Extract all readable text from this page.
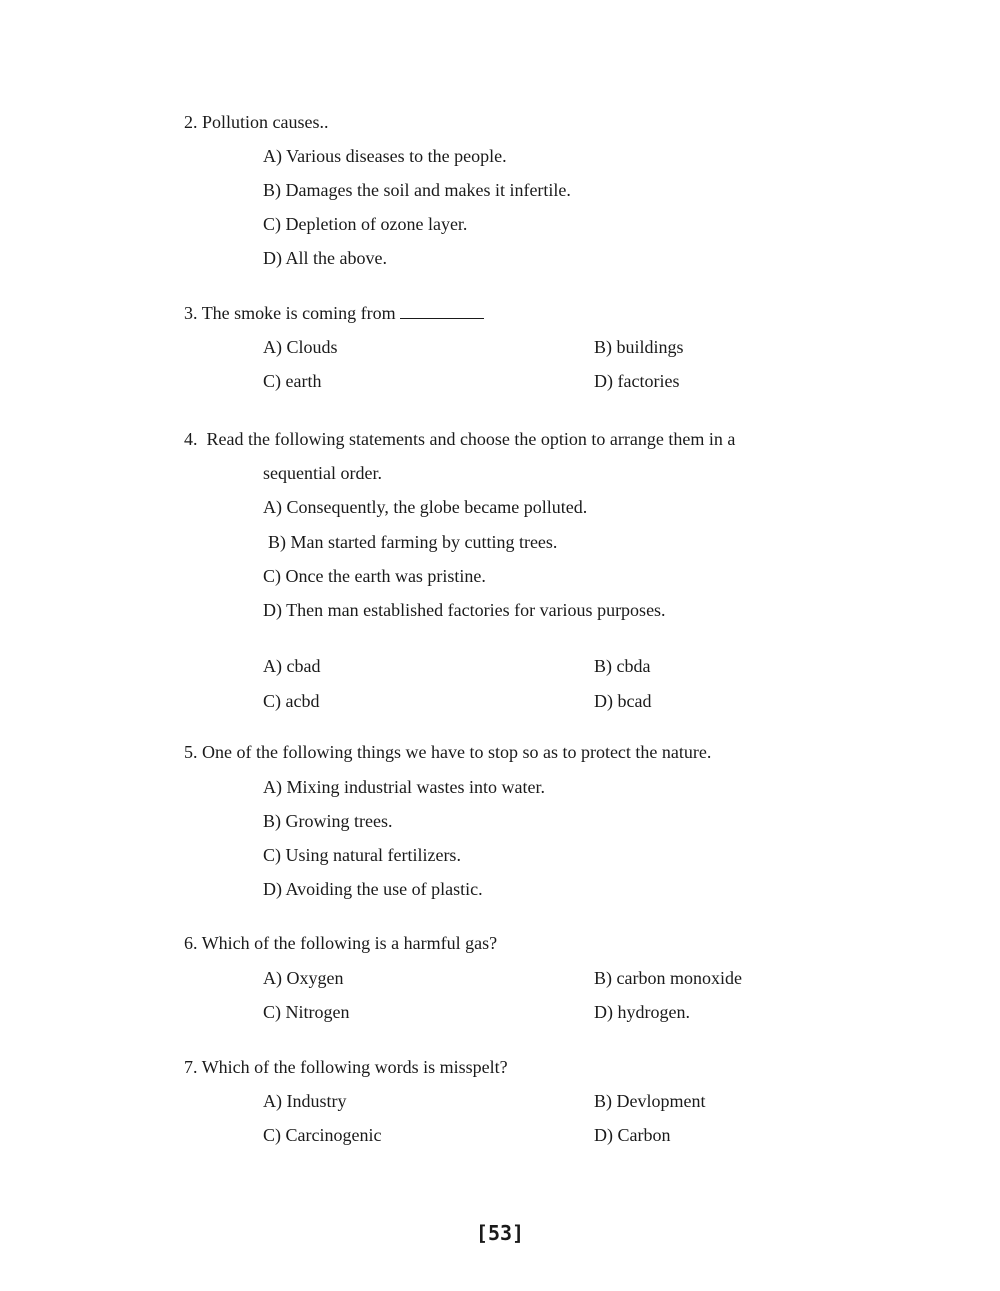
2. Pollution causes..
A) Various diseases to the people.
B) Damages the soil and makes it infertile.
C) Depletion of ozone layer.
D) All the above.
3. The smoke is coming from
A) Clouds	B) buildings
C) earth	D) factories
4. Read the following statements and choose the option to arrange them in a
sequential order.
A) Consequently, the globe became polluted.
B) Man started farming by cutting trees.
C) Once the earth was pristine.
D) Then man established factories for various purposes.
A) cbad	B) cbda
C) acbd	D) bcad
5. One of the following things we have to stop so as to protect the nature.
A) Mixing industrial wastes into water.
B) Growing trees.
C) Using natural fertilizers.
D) Avoiding the use of plastic.
6. Which of the following is a harmful gas?
A) Oxygen	B) carbon monoxide
C) Nitrogen	D) hydrogen.
7. Which of the following words is misspelt?
A) Industry	B) Devlopment
C) Carcinogenic	D) Carbon
[53]
